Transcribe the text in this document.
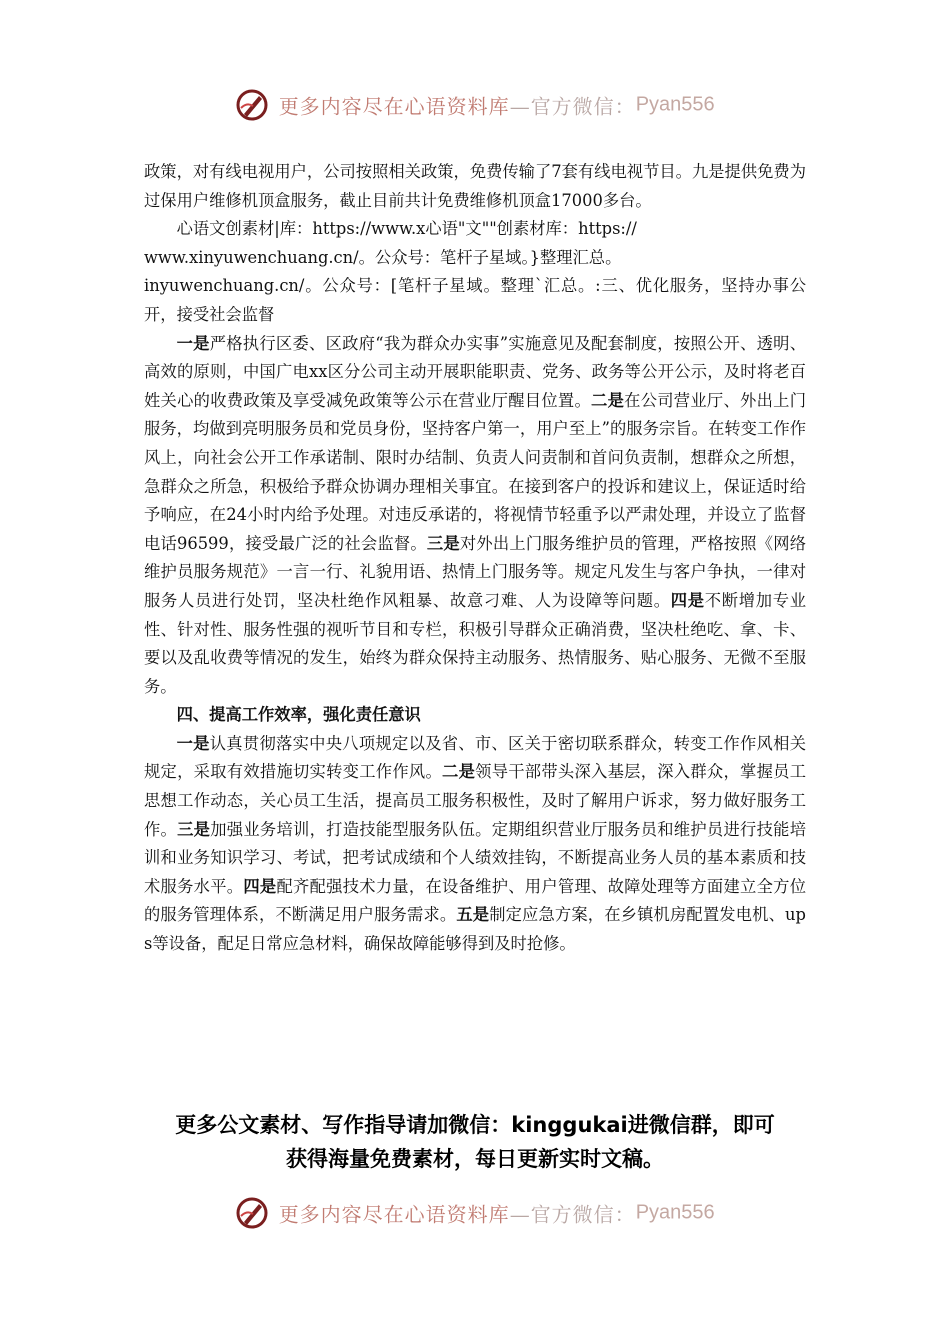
更多内容尽在心语资料库—官方微信：Pyan556

政策，对有线电视用户，公司按照相关政策，免费传输了7套有线电视节目。九是提供免费为过保用户维修机顶盒服务，截止目前共计免费维修机顶盒17000多台。

心语文创素材|库：https://www.x心语"文""创素材库：https://

www.xinyuwenchuang.cn/。公众号：笔杆子星域。}整理汇总。

inyuwenchuang.cn/。公众号：[笔杆子星域。整理`汇总。:三、优化服务，坚持办事公开，接受社会监督

一是严格执行区委、区政府“我为群众办实事”实施意见及配套制度，按照公开、透明、高效的原则，中国广电xx区分公司主动开展职能职责、党务、政务等公开公示，及时将老百姓关心的收费政策及享受减免政策等公示在营业厅醒目位置。二是在公司营业厅、外出上门服务，均做到亮明服务员和党员身份，坚持客户第一，用户至上”的服务宗旨。在转变工作作风上，向社会公开工作承诺制、限时办结制、负责人问责制和首问负责制，想群众之所想，急群众之所急，积极给予群众协调办理相关事宜。在接到客户的投诉和建议上，保证适时给予响应，在24小时内给予处理。对违反承诺的，将视情节轻重予以严肃处理，并设立了监督电话96599，接受最广泛的社会监督。三是对外出上门服务维护员的管理，严格按照《网络维护员服务规范》一言一行、礼貌用语、热情上门服务等。规定凡发生与客户争执，一律对服务人员进行处罚，坚决杜绝作风粗暴、故意刁难、人为设障等问题。四是不断增加专业性、针对性、服务性强的视听节目和专栏，积极引导群众正确消费，坚决杜绝吃、拿、卡、要以及乱收费等情况的发生，始终为群众保持主动服务、热情服务、贴心服务、无微不至服务。

四、提高工作效率，强化责任意识

一是认真贯彻落实中央八项规定以及省、市、区关于密切联系群众，转变工作作风相关规定，采取有效措施切实转变工作作风。二是领导干部带头深入基层，深入群众，掌握员工思想工作动态，关心员工生活，提高员工服务积极性，及时了解用户诉求，努力做好服务工作。三是加强业务培训，打造技能型服务队伍。定期组织营业厅服务员和维护员进行技能培训和业务知识学习、考试，把考试成绩和个人绩效挂钩，不断提高业务人员的基本素质和技术服务水平。四是配齐配强技术力量，在设备维护、用户管理、故障处理等方面建立全方位的服务管理体系，不断满足用户服务需求。五是制定应急方案，在乡镇机房配置发电机、ups等设备，配足日常应急材料，确保故障能够得到及时抢修。

更多公文素材、写作指导请加微信：kinggukai进微信群，即可
获得海量免费素材，每日更新实时文稿。
更多内容尽在心语资料库—官方微信：Pyan556
